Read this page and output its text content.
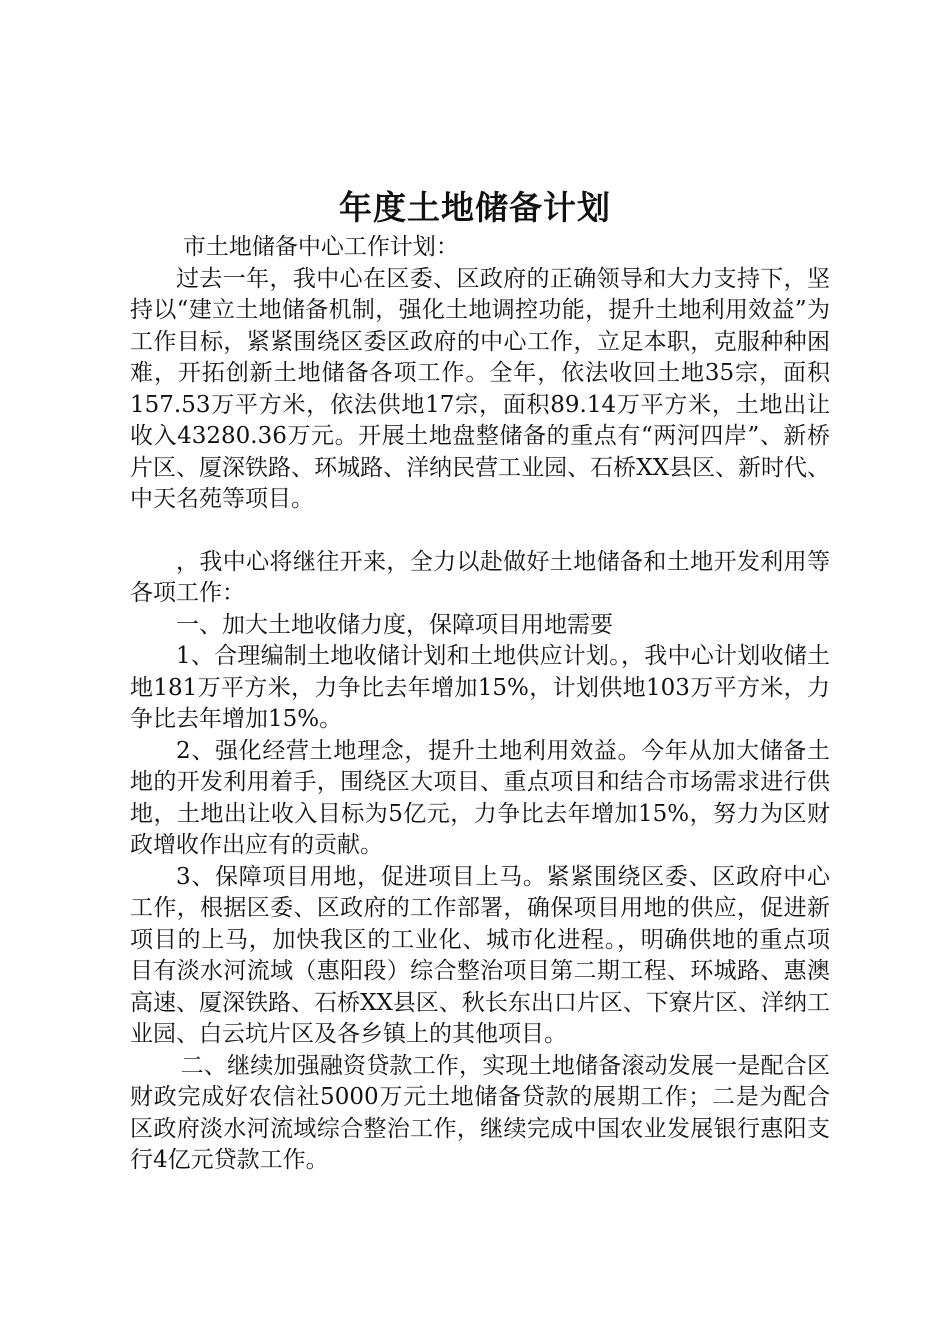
年度土地储备计划

市土地储备中心工作计划：

过去一年，我中心在区委、区政府的正确领导和大力支持下，坚持以“建立土地储备机制，强化土地调控功能，提升土地利用效益”为工作目标，紧紧围绕区委区政府的中心工作，立足本职，克服种种困难，开拓创新土地储备各项工作。全年，依法收回土地35宗，面积157.53万平方米，依法供地17宗，面积89.14万平方米，土地出让收入43280.36万元。开展土地盘整储备的重点有“两河四岸”、新桥片区、厦深铁路、环城路、洋纳民营工业园、石桥XX县区、新时代、中天名苑等项目。

，我中心将继往开来，全力以赴做好土地储备和土地开发利用等各项工作：

一、加大土地收储力度，保障项目用地需要

1、合理编制土地收储计划和土地供应计划。，我中心计划收储土地181万平方米，力争比去年增加15%，计划供地103万平方米，力争比去年增加15%。

2、强化经营土地理念，提升土地利用效益。今年从加大储备土地的开发利用着手，围绕区大项目、重点项目和结合市场需求进行供地，土地出让收入目标为5亿元，力争比去年增加15%，努力为区财政增收作出应有的贡献。

3、保障项目用地，促进项目上马。紧紧围绕区委、区政府中心工作，根据区委、区政府的工作部署，确保项目用地的供应，促进新项目的上马，加快我区的工业化、城市化进程。，明确供地的重点项目有淡水河流域（惠阳段）综合整治项目第二期工程、环城路、惠澳高速、厦深铁路、石桥XX县区、秋长东出口片区、下寮片区、洋纳工业园、白云坑片区及各乡镇上的其他项目。

二、继续加强融资贷款工作，实现土地储备滚动发展一是配合区财政完成好农信社5000万元土地储备贷款的展期工作；二是为配合区政府淡水河流域综合整治工作，继续完成中国农业发展银行惠阳支行4亿元贷款工作。
